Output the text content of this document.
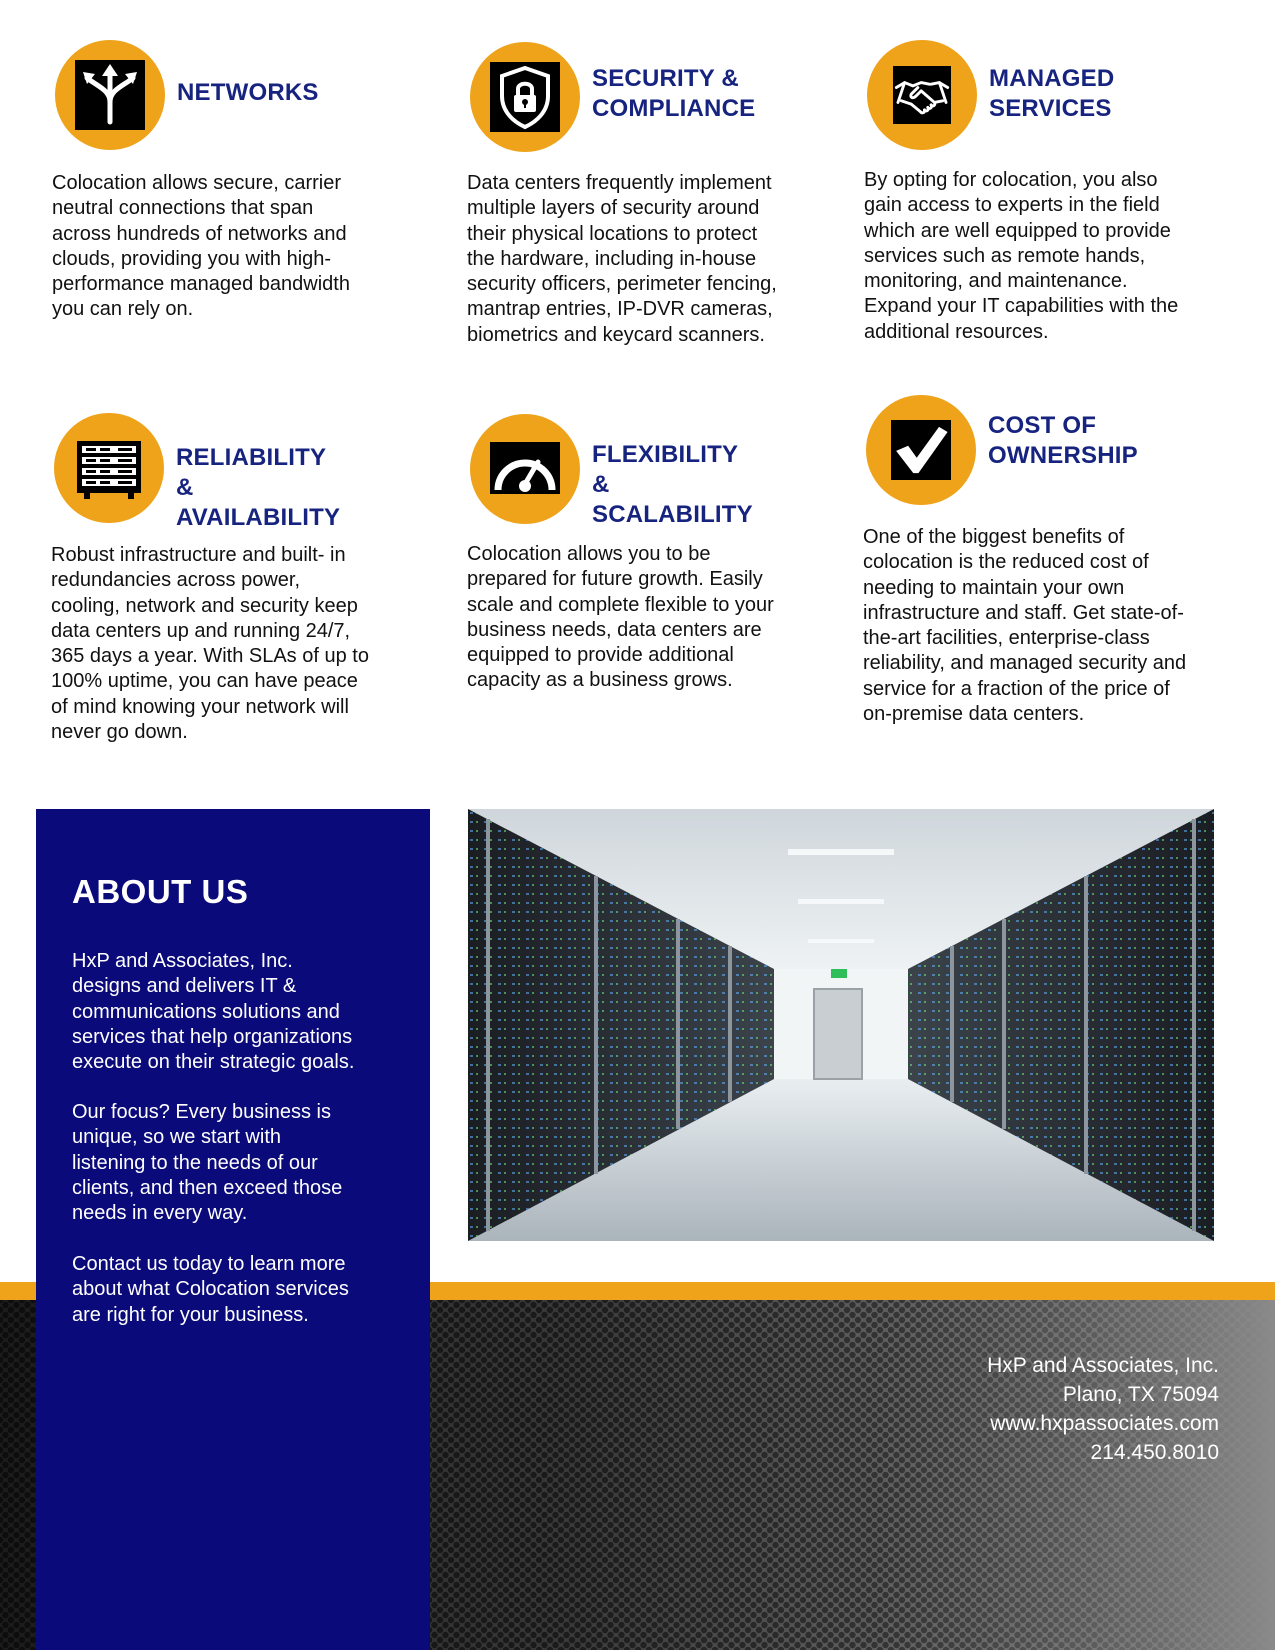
NETWORKS
Colocation allows secure, carrier
neutral connections that span
across hundreds of networks and
clouds, providing you with high-
performance managed bandwidth
you can rely on.
SECURITY &
COMPLIANCE
Data centers frequently implement
multiple layers of security around
their physical locations to protect
the hardware, including in-house
security officers, perimeter fencing,
mantrap entries, IP-DVR cameras,
biometrics and keycard scanners.
MANAGED
SERVICES
By opting for colocation, you also
gain access to experts in the field
which are well equipped to provide
services such as remote hands,
monitoring, and maintenance.
Expand your IT capabilities with the
additional resources.
RELIABILITY &
AVAILABILITY
Robust infrastructure and built- in
redundancies across power,
cooling, network and security keep
data centers up and running 24/7,
365 days a year. With SLAs of up to
100% uptime, you can have peace
of mind knowing your network will
never go down.
FLEXIBILITY &
SCALABILITY
Colocation allows you to be
prepared for future growth. Easily
scale and complete flexible to your
business needs, data centers are
equipped to provide additional
capacity as a business grows.
COST OF
OWNERSHIP
One of the biggest benefits of
colocation is the reduced cost of
needing to maintain your own
infrastructure and staff. Get state-of-
the-art facilities, enterprise-class
reliability, and managed security and
service for a fraction of the price of
on-premise data centers.
HxP and Associates, Inc.
Plano, TX 75094
www.hxpassociates.com
214.450.8010
ABOUT US

HxP and Associates, Inc.
designs and delivers IT &
communications solutions and
services that help organizations
execute on their strategic goals.

Our focus? Every business is
unique, so we start with
listening to the needs of our
clients, and then exceed those
needs in every way.

Contact us today to learn more
about what Colocation services
are right for your business.
